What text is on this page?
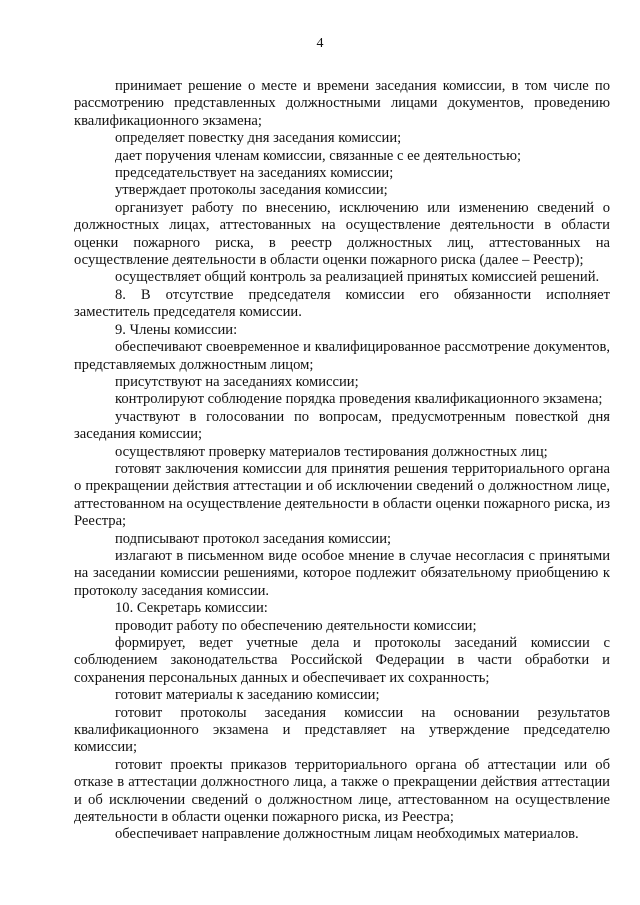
4

принимает решение о месте и времени заседания комиссии, в том числе по рассмотрению представленных должностными лицами документов, проведению квалификационного экзамена;

определяет повестку дня заседания комиссии;

дает поручения членам комиссии, связанные с ее деятельностью;

председательствует на заседаниях комиссии;

утверждает протоколы заседания комиссии;

организует работу по внесению, исключению или изменению сведений о должностных лицах, аттестованных на осуществление деятельности в области оценки пожарного риска, в реестр должностных лиц, аттестованных на осуществление деятельности в области оценки пожарного риска (далее – Реестр);

осуществляет общий контроль за реализацией принятых комиссией решений.

8. В отсутствие председателя комиссии его обязанности исполняет заместитель председателя комиссии.

9. Члены комиссии:

обеспечивают своевременное и квалифицированное рассмотрение документов, представляемых должностным лицом;

присутствуют на заседаниях комиссии;

контролируют соблюдение порядка проведения квалификационного экзамена;

участвуют в голосовании по вопросам, предусмотренным повесткой дня заседания комиссии;

осуществляют проверку материалов тестирования должностных лиц;

готовят заключения комиссии для принятия решения территориального органа о прекращении действия аттестации и об исключении сведений о должностном лице, аттестованном на осуществление деятельности в области оценки пожарного риска, из Реестра;

подписывают протокол заседания комиссии;

излагают в письменном виде особое мнение в случае несогласия с принятыми на заседании комиссии решениями, которое подлежит обязательному приобщению к протоколу заседания комиссии.

10. Секретарь комиссии:

проводит работу по обеспечению деятельности комиссии;

формирует, ведет учетные дела и протоколы заседаний комиссии с соблюдением законодательства Российской Федерации в части обработки и сохранения персональных данных и обеспечивает их сохранность;

готовит материалы к заседанию комиссии;

готовит протоколы заседания комиссии на основании результатов квалификационного экзамена и представляет на утверждение председателю комиссии;

готовит проекты приказов территориального органа об аттестации или об отказе в аттестации должностного лица, а также о прекращении действия аттестации и об исключении сведений о должностном лице, аттестованном на осуществление деятельности в области оценки пожарного риска, из Реестра;

обеспечивает направление должностным лицам необходимых материалов.
